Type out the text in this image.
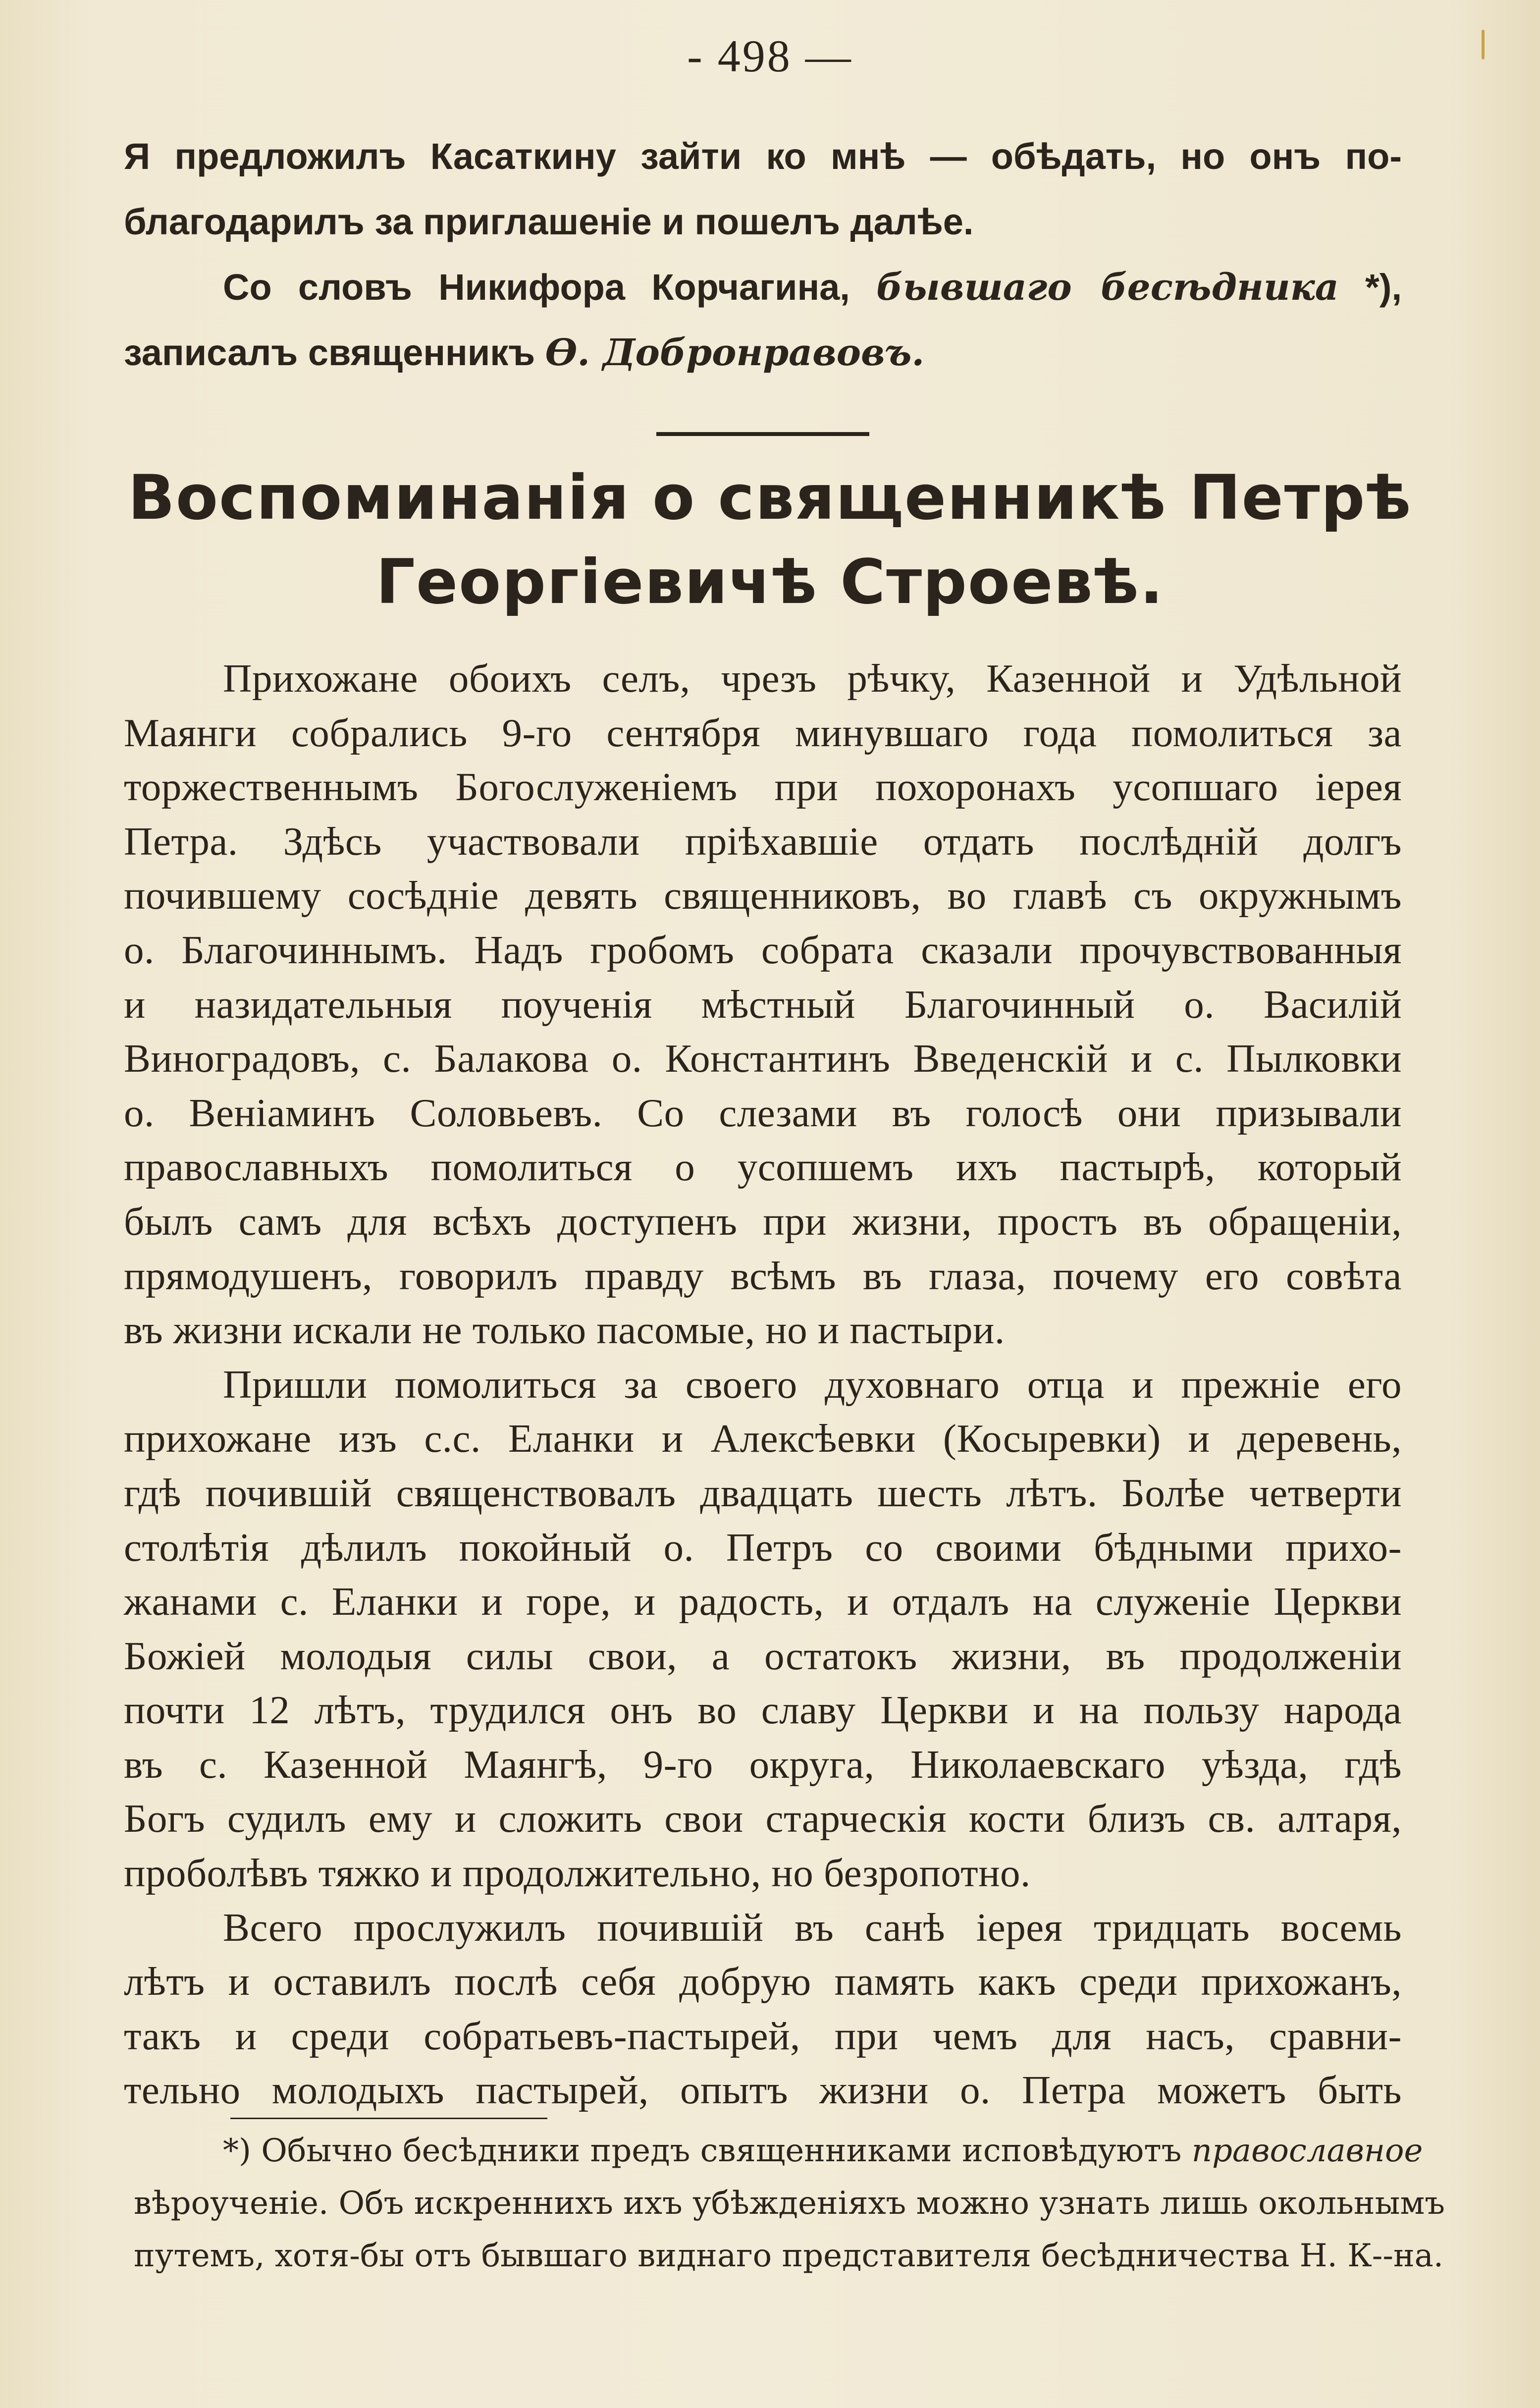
- 498 —

Я предложилъ Касаткину зайти ко мнѣ — обѣдать, но онъ по-

благодарилъ за приглашеніе и пошелъ далѣе.

Со словъ Никифора Корчагина, бывшаго бесѣдника *),

записалъ священникъ Ѳ. Добронравовъ.

Воспоминанія о священникѣ Петрѣ
Георгіевичѣ Строевѣ.

Прихожане обоихъ селъ, чрезъ рѣчку, Казенной и Удѣльной

Маянги собрались 9-го сентября минувшаго года помолиться за

торжественнымъ Богослуженіемъ при похоронахъ усопшаго іерея

Петра. Здѣсь участвовали пріѣхавшіе отдать послѣдній долгъ

почившему сосѣдніе девять священниковъ, во главѣ съ окружнымъ

о. Благочиннымъ. Надъ гробомъ собрата сказали прочувствованныя

и назидательныя поученія мѣстный Благочинный о. Василій

Виноградовъ, с. Балакова о. Константинъ Введенскій и с. Пылковки

о. Веніаминъ Соловьевъ. Со слезами въ голосѣ они призывали

православныхъ помолиться о усопшемъ ихъ пастырѣ, который

былъ самъ для всѣхъ доступенъ при жизни, простъ въ обращеніи,

прямодушенъ, говорилъ правду всѣмъ въ глаза, почему его совѣта

въ жизни искали не только пасомые, но и пастыри.

Пришли помолиться за своего духовнаго отца и прежніе его

прихожане изъ с.с. Еланки и Алексѣевки (Косыревки) и деревень,

гдѣ почившій священствовалъ двадцать шесть лѣтъ. Болѣе четверти

столѣтія дѣлилъ покойный о. Петръ со своими бѣдными прихо-

жанами с. Еланки и горе, и радость, и отдалъ на служеніе Церкви

Божіей молодыя силы свои, а остатокъ жизни, въ продолженіи

почти 12 лѣтъ, трудился онъ во славу Церкви и на пользу народа

въ с. Казенной Маянгѣ, 9-го округа, Николаевскаго уѣзда, гдѣ

Богъ судилъ ему и сложить свои старческія кости близъ св. алтаря,

проболѣвъ тяжко и продолжительно, но безропотно.

Всего прослужилъ почившій въ санѣ іерея тридцать восемь

лѣтъ и оставилъ послѣ себя добрую память какъ среди прихожанъ,

такъ и среди собратьевъ-пастырей, при чемъ для насъ, сравни-

тельно молодыхъ пастырей, опытъ жизни о. Петра можетъ быть

*) Обычно бесѣдники предъ священниками исповѣдуютъ православное

вѣроученіе. Объ искреннихъ ихъ убѣжденіяхъ можно узнать лишь окольнымъ

путемъ, хотя-бы отъ бывшаго виднаго представителя бесѣдничества Н. К--на.
